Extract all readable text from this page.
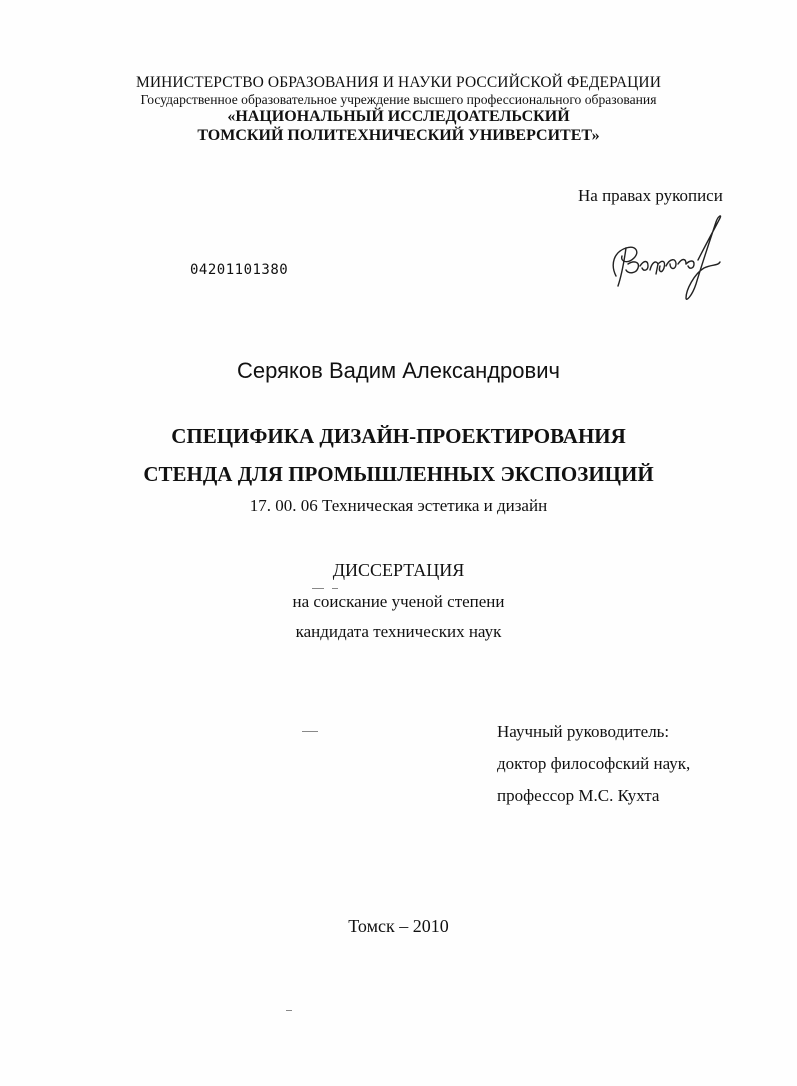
МИНИСТЕРСТВО ОБРАЗОВАНИЯ И НАУКИ РОССИЙСКОЙ ФЕДЕРАЦИИ
Государственное образовательное учреждение высшего профессионального образования
«НАЦИОНАЛЬНЫЙ ИССЛЕДОАТЕЛЬСКИЙ
ТОМСКИЙ ПОЛИТЕХНИЧЕСКИЙ УНИВЕРСИТЕТ»
На правах рукописи
04201101380
Серяков Вадим Александрович
СПЕЦИФИКА ДИЗАЙН-ПРОЕКТИРОВАНИЯ
СТЕНДА ДЛЯ ПРОМЫШЛЕННЫХ ЭКСПОЗИЦИЙ
17. 00. 06 Техническая эстетика и дизайн
ДИССЕРТАЦИЯ
на соискание ученой степени
кандидата технических наук
Научный руководитель:
доктор философский наук,
профессор М.С. Кухта
Томск – 2010
